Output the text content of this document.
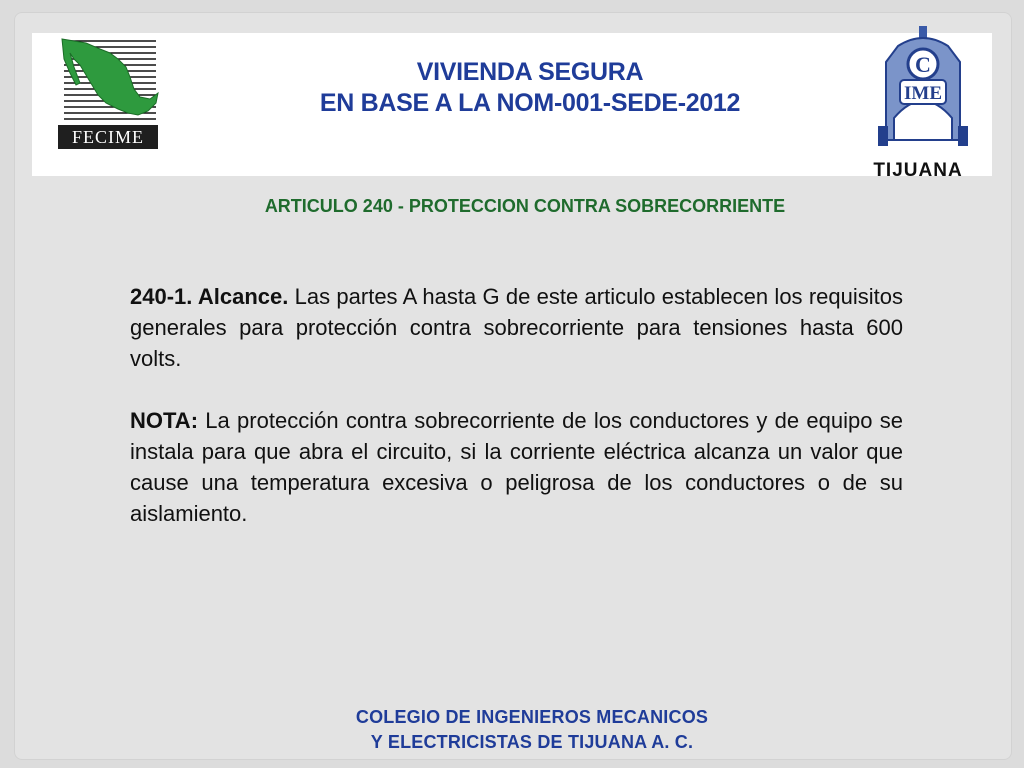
FECIME
VIVIENDA SEGURA
EN BASE A LA NOM-001-SEDE-2012
C
IME
TIJUANA
ARTICULO 240 - PROTECCION CONTRA SOBRECORRIENTE

240-1. Alcance. Las partes A hasta G de este articulo establecen los requisitos generales para protección contra sobrecorriente para tensiones hasta 600 volts.

NOTA: La protección contra sobrecorriente de los conductores y de equipo se instala para que abra el circuito, si la corriente eléctrica alcanza un valor que cause una temperatura excesiva o peligrosa de los conductores o de su aislamiento.

COLEGIO DE INGENIEROS MECANICOS
Y ELECTRICISTAS DE TIJUANA A. C.
